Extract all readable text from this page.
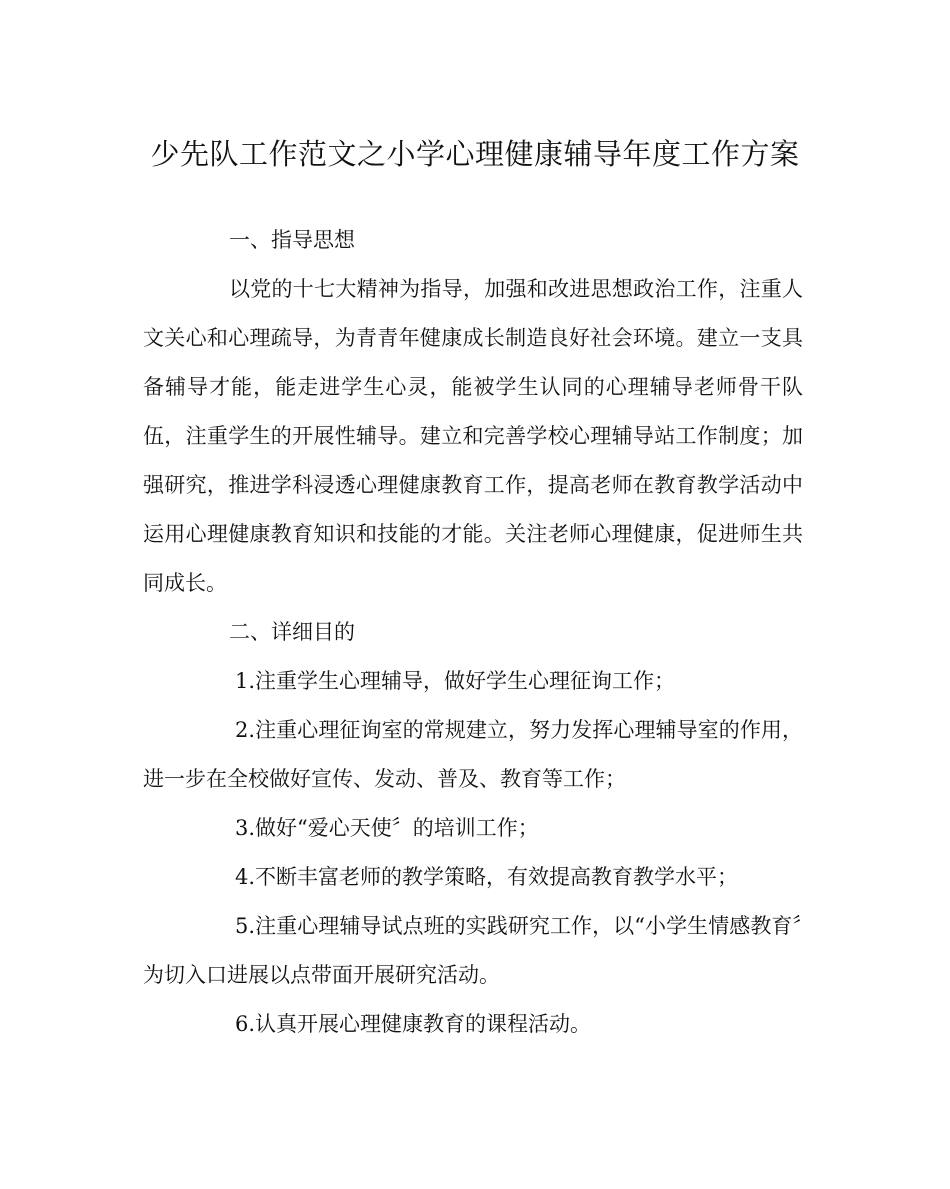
少先队工作范文之小学心理健康辅导年度工作方案

一、指导思想

以党的十七大精神为指导，加强和改进思想政治工作，注重人文关心和心理疏导，为青青年健康成长制造良好社会环境。建立一支具备辅导才能，能走进学生心灵，能被学生认同的心理辅导老师骨干队伍，注重学生的开展性辅导。建立和完善学校心理辅导站工作制度；加强研究，推进学科浸透心理健康教育工作，提高老师在教育教学活动中运用心理健康教育知识和技能的才能。关注老师心理健康，促进师生共同成长。

二、详细目的

1.注重学生心理辅导，做好学生心理征询工作；

2.注重心理征询室的常规建立，努力发挥心理辅导室的作用，进一步在全校做好宣传、发动、普及、教育等工作；

3.做好“爱心天使〞的培训工作；

4.不断丰富老师的教学策略，有效提高教育教学水平；

5.注重心理辅导试点班的实践研究工作，以“小学生情感教育〞为切入口进展以点带面开展研究活动。

6.认真开展心理健康教育的课程活动。
